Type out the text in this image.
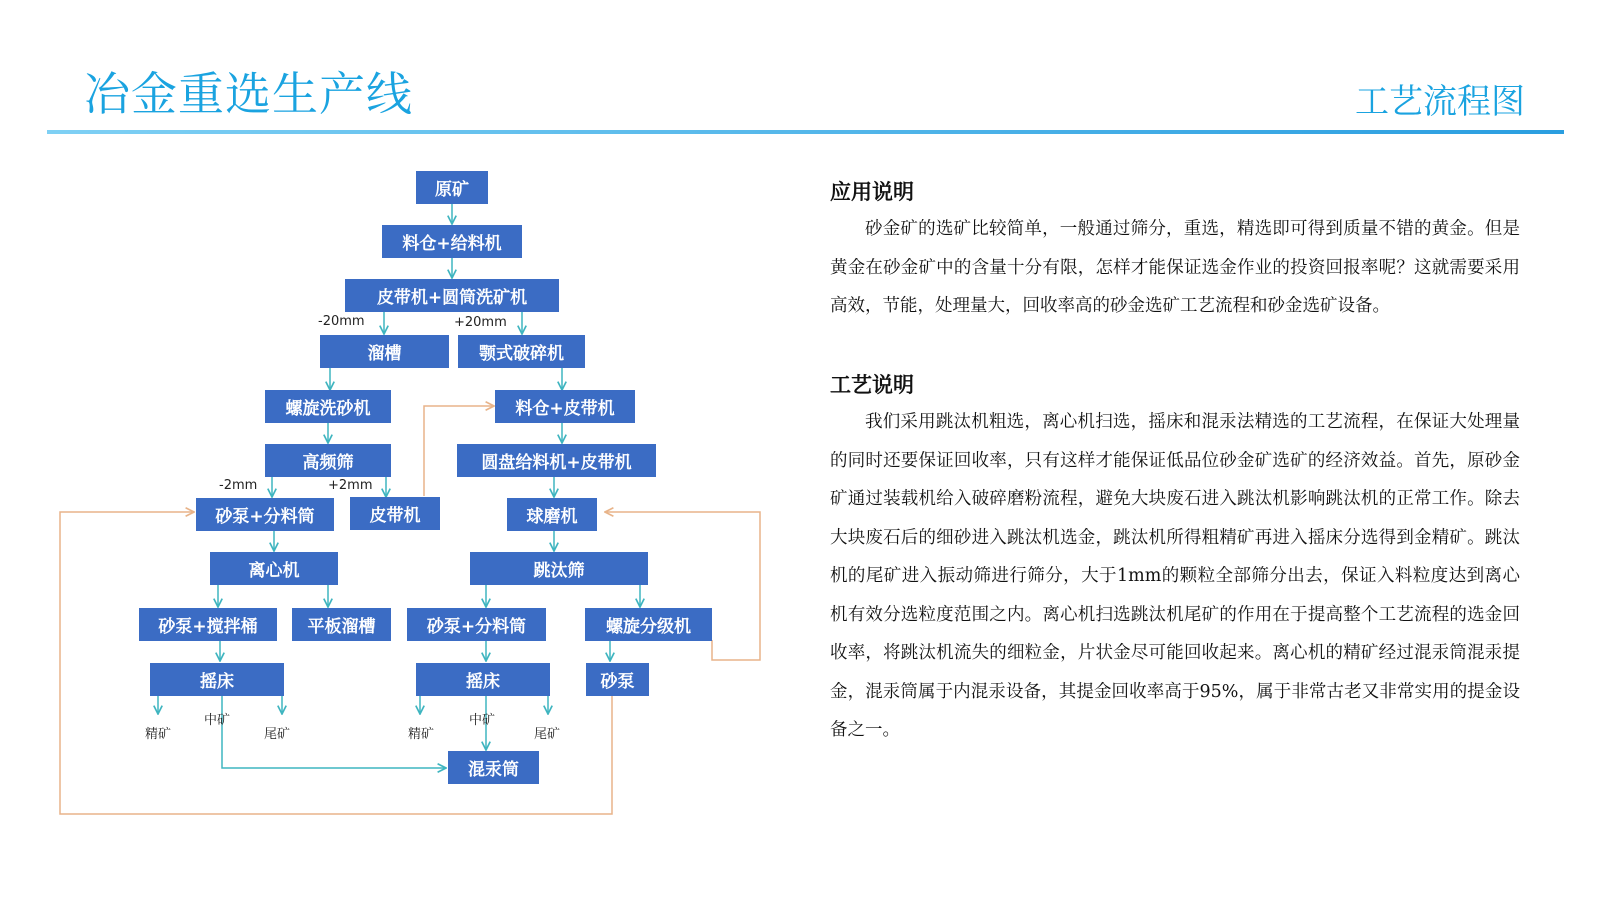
冶金重选生产线	工艺流程图
原矿
料仓+给料机
皮带机+圆筒洗矿机
溜槽	颚式破碎机
螺旋洗砂机	料仓+皮带机
高频筛	圆盘给料机+皮带机
砂泵+分料筒	皮带机	球磨机
离心机	跳汰筛
砂泵+搅拌桶	平板溜槽	砂泵+分料筒	螺旋分级机
摇床	摇床	砂泵
混汞筒
-20mm	+20mm
-2mm	+2mm
精矿
中矿
尾矿	精矿
中矿
尾矿
应用说明
砂金矿的选矿比较简单，一般通过筛分，重选，精选即可得到质量不错的黄金。但是黄金在砂金矿中的含量十分有限，怎样才能保证选金作业的投资回报率呢？这就需要采用高效，节能，处理量大，回收率高的砂金选矿工艺流程和砂金选矿设备。
工艺说明
我们采用跳汰机粗选，离心机扫选，摇床和混汞法精选的工艺流程，在保证大处理量的同时还要保证回收率，只有这样才能保证低品位砂金矿选矿的经济效益。首先，原砂金矿通过装载机给入破碎磨粉流程，避免大块废石进入跳汰机影响跳汰机的正常工作。除去大块废石后的细砂进入跳汰机选金，跳汰机所得粗精矿再进入摇床分选得到金精矿。跳汰机的尾矿进入振动筛进行筛分，大于1mm的颗粒全部筛分出去，保证入料粒度达到离心机有效分选粒度范围之内。离心机扫选跳汰机尾矿的作用在于提高整个工艺流程的选金回收率，将跳汰机流失的细粒金，片状金尽可能回收起来。离心机的精矿经过混汞筒混汞提金，混汞筒属于内混汞设备，其提金回收率高于95%，属于非常古老又非常实用的提金设备之一。
